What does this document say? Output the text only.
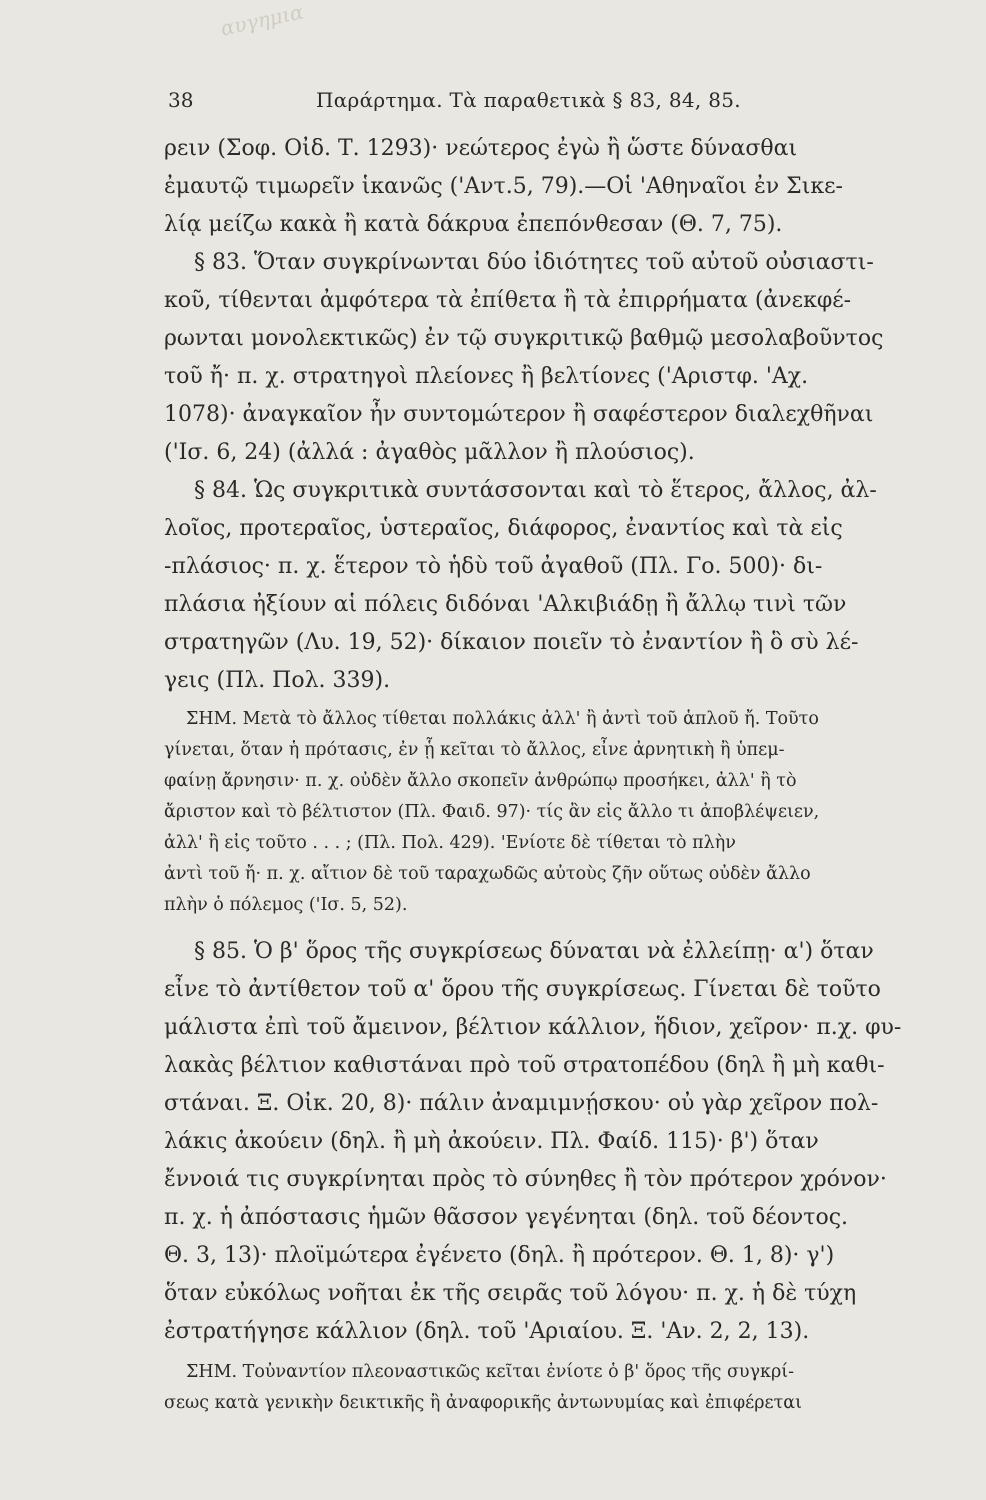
αυγημια
38	Παράρτημα. Τὰ παραθετικὰ § 83, 84, 85.
ρειν (Σοφ. Οἰδ. Τ. 1293)· νεώτερος ἐγὼ ἢ ὥστε δύνασθαι
ἐμαυτῷ τιμωρεῖν ἱκανῶς ('Αντ.5, 79).—Οἱ 'Αθηναῖοι ἐν Σικε-
λίᾳ μείζω κακὰ ἢ κατὰ δάκρυα ἐπεπόνθεσαν (Θ. 7, 75).
§ 83. Ὅταν συγκρίνωνται δύο ἰδιότητες τοῦ αὐτοῦ οὐσιαστι-
κοῦ, τίθενται ἀμφότερα τὰ ἐπίθετα ἢ τὰ ἐπιρρήματα (ἀνεκφέ-
ρωνται μονολεκτικῶς) ἐν τῷ συγκριτικῷ βαθμῷ μεσολαβοῦντος
τοῦ ἤ· π. χ. στρατηγοὶ πλείονες ἢ βελτίονες ('Αριστφ. 'Αχ.
1078)· ἀναγκαῖον ἦν συντομώτερον ἢ σαφέστερον διαλεχθῆναι
('Ισ. 6, 24) (ἀλλά : ἀγαθὸς μᾶλλον ἢ πλούσιος).
§ 84. Ὡς συγκριτικὰ συντάσσονται καὶ τὸ ἕτερος, ἄλλος, ἀλ-
λοῖος, προτεραῖος, ὑστεραῖος, διάφορος, ἐναντίος καὶ τὰ εἰς
-πλάσιος· π. χ. ἕτερον τὸ ἡδὺ τοῦ ἀγαθοῦ (Πλ. Γο. 500)· δι-
πλάσια ἠξίουν αἱ πόλεις διδόναι 'Αλκιβιάδῃ ἢ ἄλλῳ τινὶ τῶν
στρατηγῶν (Λυ. 19, 52)· δίκαιον ποιεῖν τὸ ἐναντίον ἢ ὃ σὺ λέ-
γεις (Πλ. Πολ. 339).
ΣΗΜ. Μετὰ τὸ ἄλλος τίθεται πολλάκις ἀλλ' ἢ ἀντὶ τοῦ ἁπλοῦ ἤ. Τοῦτο
γίνεται, ὅταν ἡ πρότασις, ἐν ᾗ κεῖται τὸ ἄλλος, εἶνε ἀρνητικὴ ἢ ὑπεμ-
φαίνῃ ἄρνησιν· π. χ. οὐδὲν ἄλλο σκοπεῖν ἀνθρώπῳ προσήκει, ἀλλ' ἢ τὸ
ἄριστον καὶ τὸ βέλτιστον (Πλ. Φαιδ. 97)· τίς ἂν εἰς ἄλλο τι ἀποβλέψειεν,
ἀλλ' ἢ εἰς τοῦτο . . . ; (Πλ. Πολ. 429). 'Ενίοτε δὲ τίθεται τὸ πλὴν
ἀντὶ τοῦ ἤ· π. χ. αἴτιον δὲ τοῦ ταραχωδῶς αὐτοὺς ζῆν οὕτως οὐδὲν ἄλλο
πλὴν ὁ πόλεμος ('Ισ. 5, 52).
§ 85. Ὁ β' ὅρος τῆς συγκρίσεως δύναται νὰ ἐλλείπῃ· α') ὅταν
εἶνε τὸ ἀντίθετον τοῦ α' ὅρου τῆς συγκρίσεως. Γίνεται δὲ τοῦτο
μάλιστα ἐπὶ τοῦ ἄμεινον, βέλτιον κάλλιον, ἥδιον, χεῖρον· π.χ. φυ-
λακὰς βέλτιον καθιστάναι πρὸ τοῦ στρατοπέδου (δηλ ἢ μὴ καθι-
στάναι. Ξ. Οἰκ. 20, 8)· πάλιν ἀναμιμνῄσκου· οὐ γὰρ χεῖρον πολ-
λάκις ἀκούειν (δηλ. ἢ μὴ ἀκούειν. Πλ. Φαίδ. 115)· β') ὅταν
ἔννοιά τις συγκρίνηται πρὸς τὸ σύνηθες ἢ τὸν πρότερον χρόνον·
π. χ. ἡ ἀπόστασις ἡμῶν θᾶσσον γεγένηται (δηλ. τοῦ δέοντος.
Θ. 3, 13)· πλοϊμώτερα ἐγένετο (δηλ. ἢ πρότερον. Θ. 1, 8)· γ')
ὅταν εὐκόλως νοῆται ἐκ τῆς σειρᾶς τοῦ λόγου· π. χ. ἡ δὲ τύχη
ἐστρατήγησε κάλλιον (δηλ. τοῦ 'Αριαίου. Ξ. 'Αν. 2, 2, 13).
ΣΗΜ. Τοὐναντίον πλεοναστικῶς κεῖται ἐνίοτε ὁ β' ὅρος τῆς συγκρί-
σεως κατὰ γενικὴν δεικτικῆς ἢ ἀναφορικῆς ἀντωνυμίας καὶ ἐπιφέρεται
